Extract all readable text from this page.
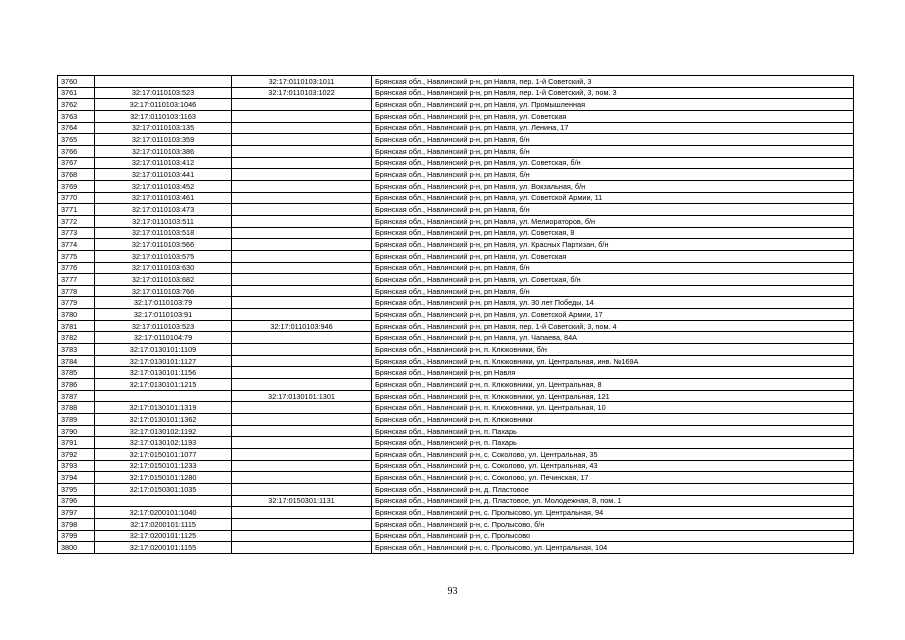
3760		32:17:0110103:1011	Брянская обл., Навлинский р-н, рп Навля, пер. 1-й Советский, 3
3761	32:17:0110103:523	32:17:0110103:1022	Брянская обл., Навлинский р-н, рп Навля, пер. 1-й Советский, 3, пом. 3
3762	32:17:0110103:1046		Брянская обл., Навлинский р-н, рп Навля, ул. Промышленная
3763	32:17:0110103:1163		Брянская обл., Навлинский р-н, рп Навля, ул. Советская
3764	32:17:0110103:135		Брянская обл., Навлинский р-н, рп Навля, ул. Ленина, 17
3765	32:17:0110103:359		Брянская обл., Навлинский р-н, рп Навля, б/н
3766	32:17:0110103:386		Брянская обл., Навлинский р-н, рп Навля, б/н
3767	32:17:0110103:412		Брянская обл., Навлинский р-н, рп Навля, ул. Советская, б/н
3768	32:17:0110103:441		Брянская обл., Навлинский р-н, рп Навля, б/н
3769	32:17:0110103:452		Брянская обл., Навлинский р-н, рп Навля, ул. Вокзальная, б/н
3770	32:17:0110103:461		Брянская обл., Навлинский р-н, рп Навля, ул. Советской Армии, 11
3771	32:17:0110103:473		Брянская обл., Навлинский р-н, рп Навля, б/н
3772	32:17:0110103:511		Брянская обл., Навлинский р-н, рп Навля, ул. Мелиораторов, б/н
3773	32:17:0110103:518		Брянская обл., Навлинский р-н, рп Навля, ул. Советская, 8
3774	32:17:0110103:566		Брянская обл., Навлинский р-н, рп Навля, ул. Красных Партизан, б/н
3775	32:17:0110103:575		Брянская обл., Навлинский р-н, рп Навля, ул. Советская
3776	32:17:0110103:630		Брянская обл., Навлинский р-н, рп Навля, б/н
3777	32:17:0110103:682		Брянская обл., Навлинский р-н, рп Навля, ул. Советская, б/н
3778	32:17:0110103:766		Брянская обл., Навлинский р-н, рп Навля, б/н
3779	32:17:0110103:79		Брянская обл., Навлинский р-н, рп Навля, ул. 30 лет Победы, 14
3780	32:17:0110103:91		Брянская обл., Навлинский р-н, рп Навля, ул. Советской Армии, 17
3781	32:17:0110103:523	32:17:0110103:946	Брянская обл., Навлинский р-н, рп Навля, пер. 1-й Советский, 3, пом. 4
3782	32:17:0110104:79		Брянская обл., Навлинский р-н, рп Навля, ул. Чапаева, 84А
3783	32:17:0130101:1109		Брянская обл., Навлинский р-н, п. Клюковники, б/н
3784	32:17:0130101:1127		Брянская обл., Навлинский р-н, п. Клюковники, ул. Центральная, инв. №169А
3785	32:17:0130101:1156		Брянская обл., Навлинский р-н, рп Навля
3786	32:17:0130101:1215		Брянская обл., Навлинский р-н, п. Клюковники, ул. Центральная, 8
3787		32:17:0130101:1301	Брянская обл., Навлинский р-н, п. Клюковники, ул. Центральная, 121
3788	32:17:0130101:1319		Брянская обл., Навлинский р-н, п. Клюковники, ул. Центральная, 10
3789	32:17:0130101:1362		Брянская обл., Навлинский р-н, п. Клюковники
3790	32:17:0130102:1192		Брянская обл., Навлинский р-н, п. Пахарь
3791	32:17:0130102:1193		Брянская обл., Навлинский р-н, п. Пахарь
3792	32:17:0150101:1077		Брянская обл., Навлинский р-н, с. Соколово, ул. Центральная, 35
3793	32:17:0150101:1233		Брянская обл., Навлинский р-н, с. Соколово, ул. Центральная, 43
3794	32:17:0150101:1280		Брянская обл., Навлинский р-н, с. Соколово, ул. Печинская, 17
3795	32:17:0150301:1035		Брянская обл., Навлинский р-н, д. Пластовое
3796		32:17:0150301:1131	Брянская обл., Навлинский р-н, д. Пластовое, ул. Молодежная, 8, пом. 1
3797	32:17:0200101:1040		Брянская обл., Навлинский р-н, с. Пролысово, ул. Центральная, 94
3798	32:17:0200101:1115		Брянская обл., Навлинский р-н, с. Пролысово, б/н
3799	32:17:0200101:1125		Брянская обл., Навлинский р-н, с. Пролысово
3800	32:17:0200101:1155		Брянская обл., Навлинский р-н, с. Пролысово, ул. Центральная, 104
93
